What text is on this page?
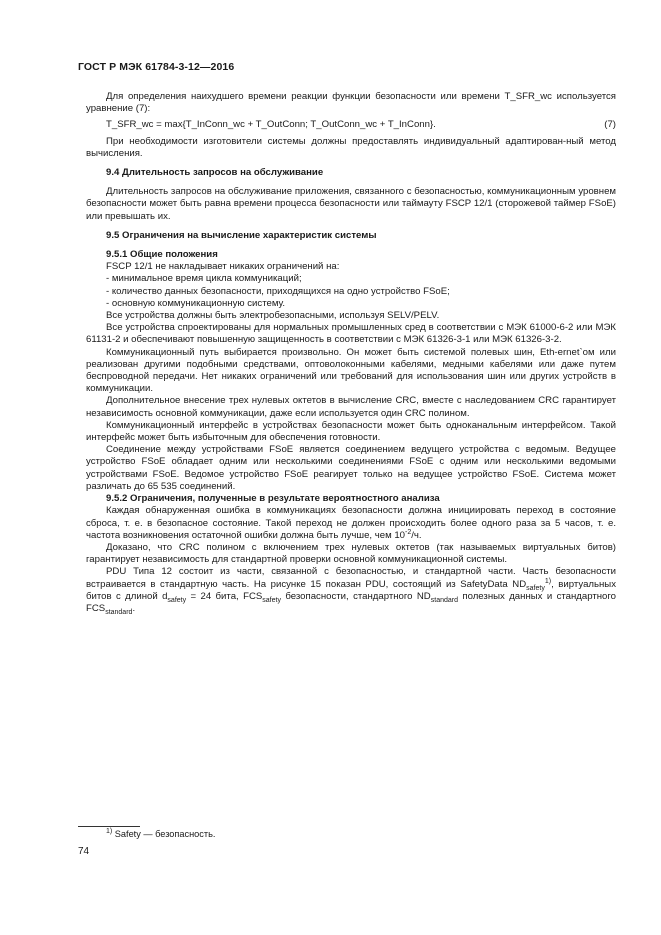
ГОСТ Р МЭК 61784-3-12—2016

Для определения наихудшего времени реакции функции безопасности или времени T_SFR_wc используется уравнение (7):

T_SFR_wc = max{T_InConn_wc + T_OutConn; T_OutConn_wc + T_InConn}.	(7)

При необходимости изготовители системы должны предоставлять индивидуальный адаптирован-ный метод вычисления.

9.4 Длительность запросов на обслуживание

Длительность запросов на обслуживание приложения, связанного с безопасностью, коммуникационным уровнем безопасности может быть равна времени процесса безопасности или таймауту FSCP 12/1 (сторожевой таймер FSoE) или превышать их.

9.5 Ограничения на вычисление характеристик системы

9.5.1 Общие положения

FSCP 12/1 не накладывает никаких ограничений на:

- минимальное время цикла коммуникаций;

- количество данных безопасности, приходящихся на одно устройство FSoE;

- основную коммуникационную систему.

Все устройства должны быть электробезопасными, используя SELV/PELV.

Все устройства спроектированы для нормальных промышленных сред в соответствии с МЭК 61000-6-2 или МЭК 61131-2 и обеспечивают повышенную защищенность в соответствии с МЭК 61326-3-1 или МЭК 61326-3-2.

Коммуникационный путь выбирается произвольно. Он может быть системой полевых шин, Eth-ernet`ом или реализован другими подобными средствами, оптоволоконными кабелями, медными кабелями или даже путем беспроводной передачи. Нет никаких ограничений или требований для использования шин или других устройств в коммуникации.

Дополнительное внесение трех нулевых октетов в вычисление CRC, вместе с наследованием CRC гарантирует независимость основной коммуникации, даже если используется один CRC полином.

Коммуникационный интерфейс в устройствах безопасности может быть одноканальным интерфейсом. Такой интерфейс может быть избыточным для обеспечения готовности.

Соединение между устройствами FSoE является соединением ведущего устройства с ведомым. Ведущее устройство FSoE обладает одним или несколькими соединениями FSoE с одним или несколькими ведомыми устройствами FSoE. Ведомое устройство FSoE реагирует только на ведущее устройство FSoE. Система может различать до 65 535 соединений.

9.5.2 Ограничения, полученные в результате вероятностного анализа

Каждая обнаруженная ошибка в коммуникациях безопасности должна инициировать переход в состояние сброса, т. е. в безопасное состояние. Такой переход не должен происходить более одного раза за 5 часов, т. е. частота возникновения остаточной ошибки должна быть лучше, чем $10^{-2}/ч$.

Доказано, что CRC полином с включением трех нулевых октетов (так называемых виртуальных битов) гарантирует независимость для стандартной проверки основной коммуникационной системы.

PDU Типа 12 состоит из части, связанной с безопасностью, и стандартной части. Часть безопасности встраивается в стандартную часть. На рисунке 15 показан PDU, состоящий из SafetyData $ND_{safety}^{1)}$, виртуальных битов с длиной $d_{safety} = 24$ бита, $FCS_{safety}$ безопасности, стандартного $ND_{standard}$ полезных данных и стандартного $FCS_{standard}$.

$^{1)}$ Safety — безопасность.
74
